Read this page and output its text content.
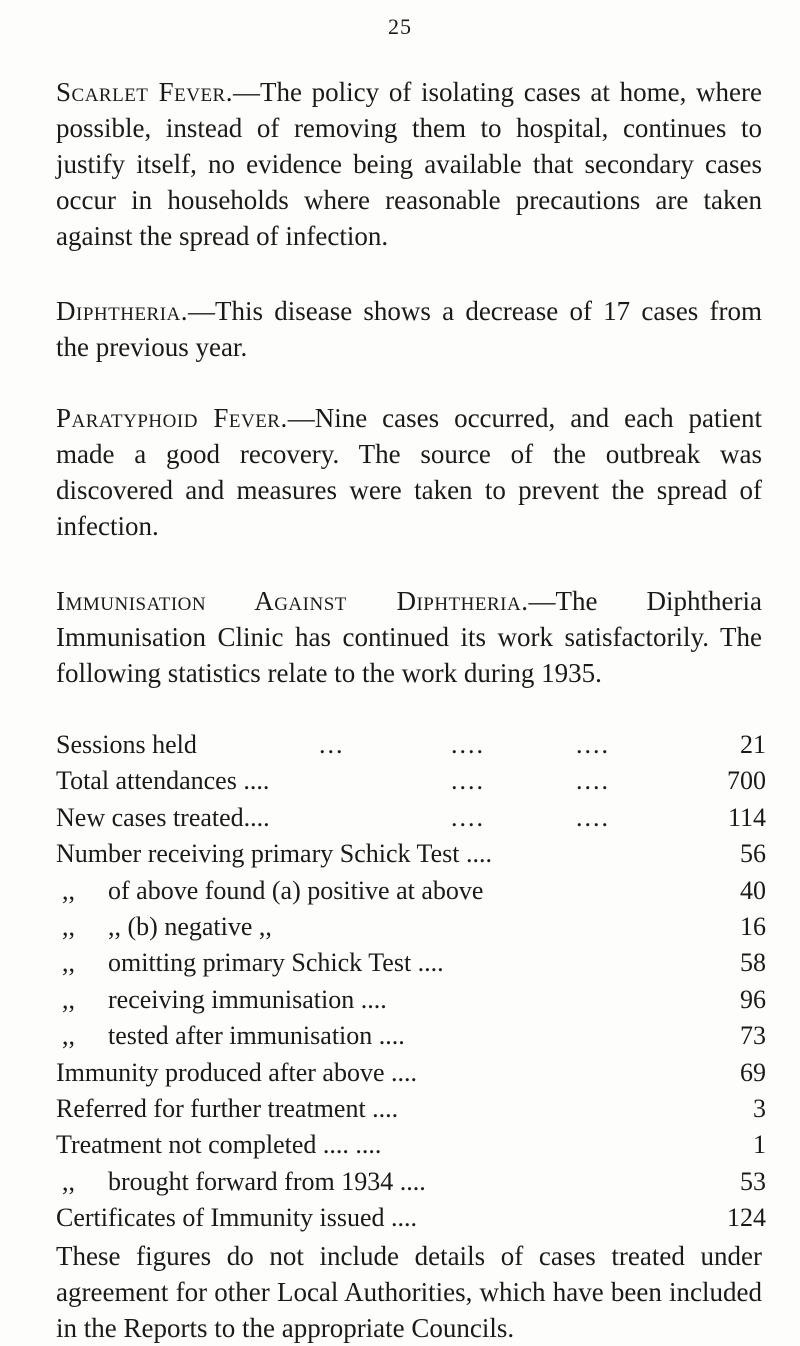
25

Scarlet Fever.—The policy of isolating cases at home, where possible, instead of removing them to hospital, continues to justify itself, no evidence being available that secondary cases occur in households where reasonable precautions are taken against the spread of infection.

Diphtheria.—This disease shows a decrease of 17 cases from the previous year.

Paratyphoid Fever.—Nine cases occurred, and each patient made a good recovery. The source of the outbreak was discovered and measures were taken to prevent the spread of infection.

Immunisation Against Diphtheria.—The Diphtheria Immunisation Clinic has continued its work satisfactorily. The following statistics relate to the work during 1935.

Sessions held	...	....	....	21
Total attendances ....	....	....	700
New cases treated....	....	....	114
Number receiving primary Schick Test ....	56
,, of above found (a) positive at above	40
,, ,, (b) negative ,,	16
,, omitting primary Schick Test ....	58
,, receiving immunisation ....	96
,, tested after immunisation ....	73
Immunity produced after above ....	69
Referred for further treatment ....	3
Treatment not completed .... ....	1
,, brought forward from 1934 ....	53
Certificates of Immunity issued ....	124

These figures do not include details of cases treated under agreement for other Local Authorities, which have been included in the Reports to the appropriate Councils.
